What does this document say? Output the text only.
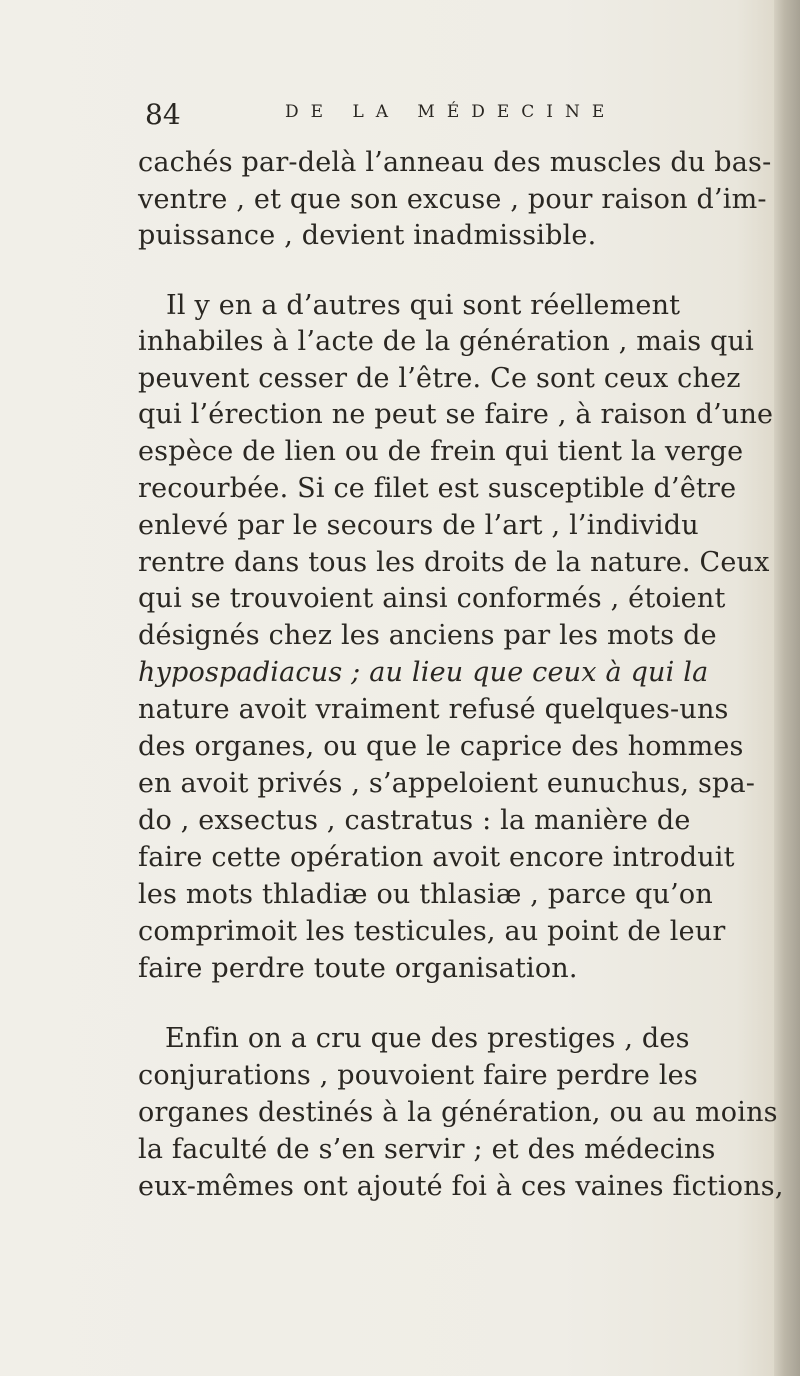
84	DE LA MÉDECINE
cachés par-delà l’anneau des muscles du bas-
ventre , et que son excuse , pour raison d’im-
puissance , devient inadmissible.
Il y en a d’autres qui sont réellement
inhabiles à l’acte de la génération , mais qui
peuvent cesser de l’être. Ce sont ceux chez
qui l’érection ne peut se faire , à raison d’une
espèce de lien ou de frein qui tient la verge
recourbée. Si ce filet est susceptible d’être
enlevé par le secours de l’art , l’individu
rentre dans tous les droits de la nature. Ceux
qui se trouvoient ainsi conformés , étoient
désignés chez les anciens par les mots de
hypospadiacus ; au lieu que ceux à qui la
nature avoit vraiment refusé quelques-uns
des organes, ou que le caprice des hommes
en avoit privés , s’appeloient eunuchus, spa-
do , exsectus , castratus : la manière de
faire cette opération avoit encore introduit
les mots thladiæ ou thlasiæ , parce qu’on
comprimoit les testicules, au point de leur
faire perdre toute organisation.
Enfin on a cru que des prestiges , des
conjurations , pouvoient faire perdre les
organes destinés à la génération, ou au moins
la faculté de s’en servir ; et des médecins
eux-mêmes ont ajouté foi à ces vaines fictions,
